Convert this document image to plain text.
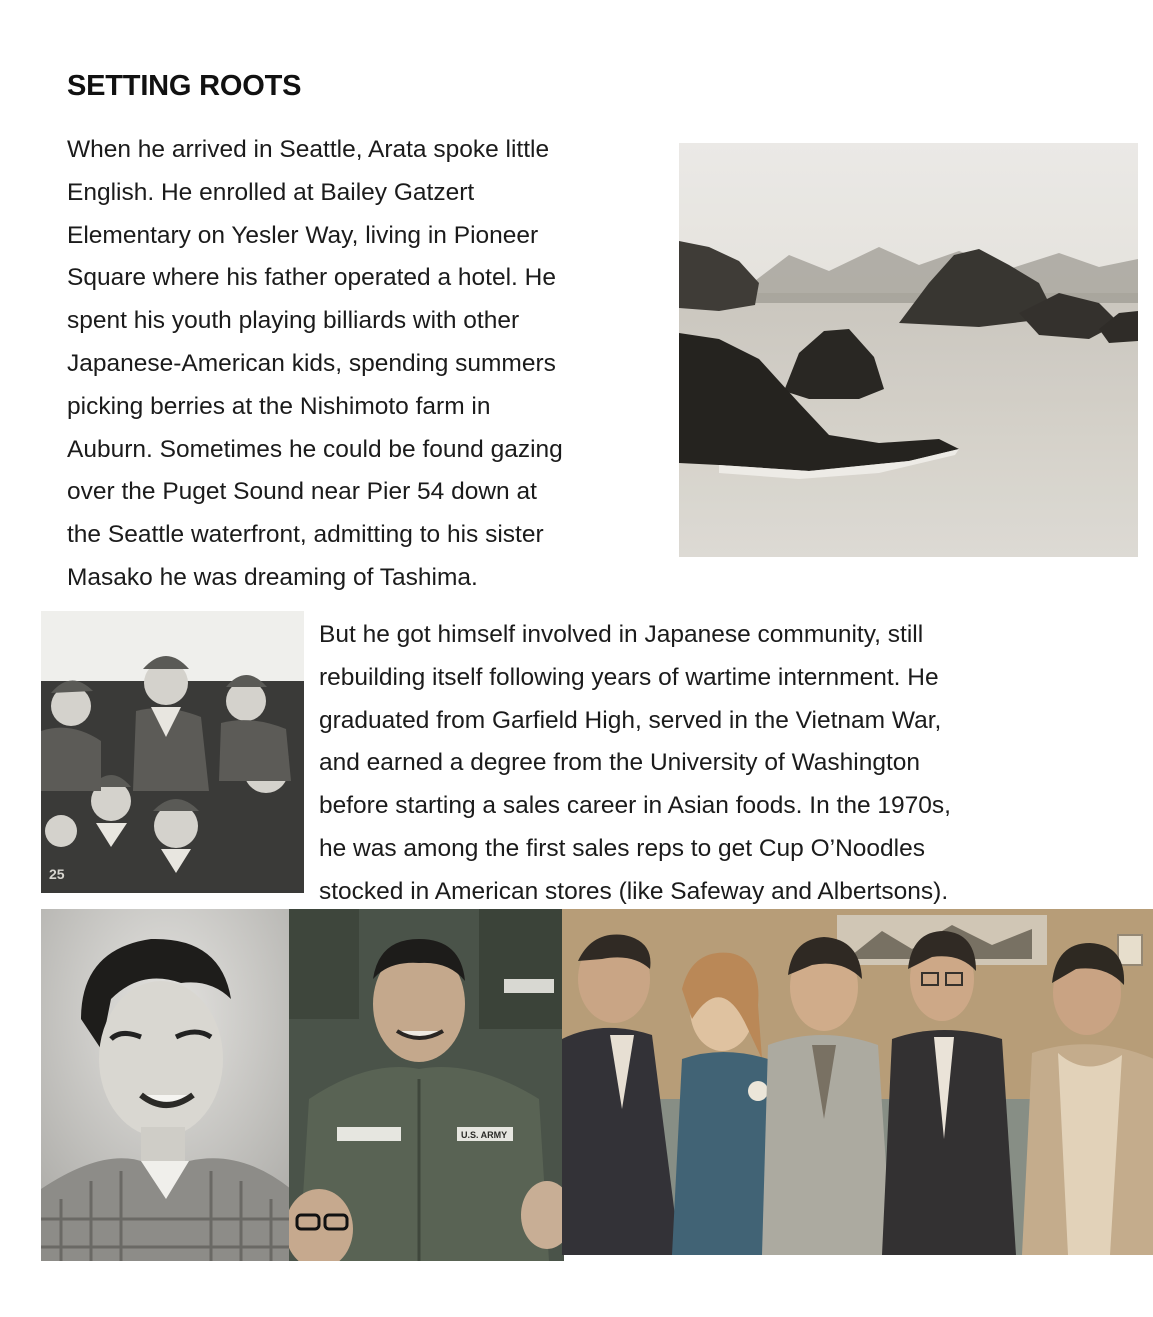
SETTING ROOTS
When he arrived in Seattle, Arata spoke little
English. He enrolled at Bailey Gatzert
Elementary on Yesler Way, living in Pioneer
Square where his father operated a hotel. He
spent his youth playing billiards with other
Japanese-American kids, spending summers
picking berries at the Nishimoto farm in
Auburn. Sometimes he could be found gazing
over the Puget Sound near Pier 54 down at
the Seattle waterfront, admitting to his sister
Masako he was dreaming of Tashima.
But he got himself involved in Japanese community, still
rebuilding itself following years of wartime internment. He
graduated from Garfield High, served in the Vietnam War,
and earned a degree from the University of Washington
before starting a sales career in Asian foods. In the 1970s,
he was among the first sales reps to get Cup O’Noodles
stocked in American stores (like Safeway and Albertsons).
25
U.S. ARMY
